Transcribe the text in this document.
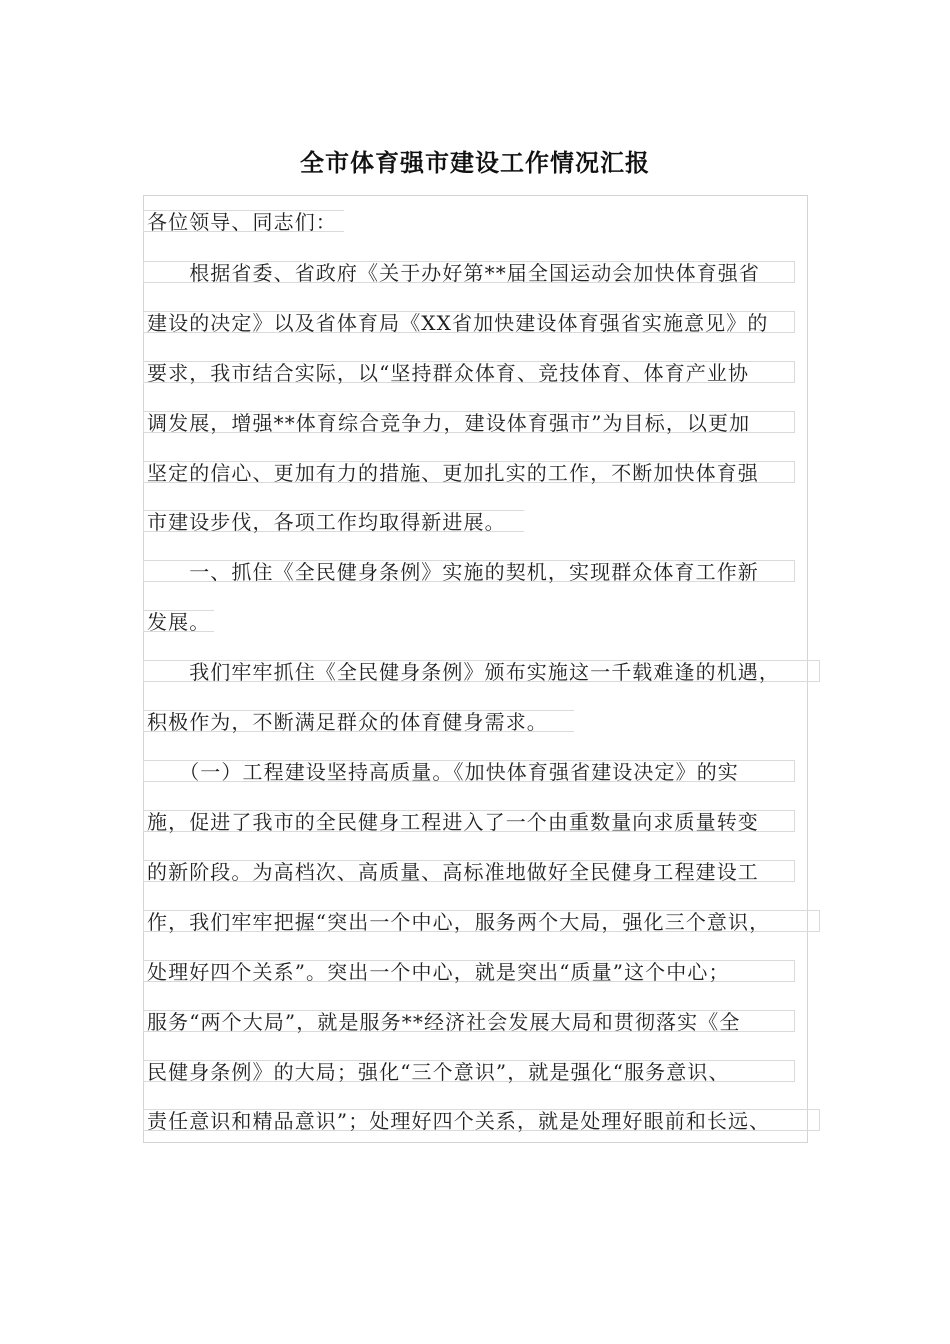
全市体育强市建设工作情况汇报
各位领导、同志们：
　　根据省委、省政府《关于办好第**届全国运动会加快体育强省
建设的决定》以及省体育局《XX省加快建设体育强省实施意见》的
要求，我市结合实际，以“坚持群众体育、竞技体育、体育产业协
调发展，增强**体育综合竞争力，建设体育强市”为目标，以更加
坚定的信心、更加有力的措施、更加扎实的工作，不断加快体育强
市建设步伐，各项工作均取得新进展。
　　一、抓住《全民健身条例》实施的契机，实现群众体育工作新
发展。
　　我们牢牢抓住《全民健身条例》颁布实施这一千载难逢的机遇，
积极作为，不断满足群众的体育健身需求。
　　（一）工程建设坚持高质量。《加快体育强省建设决定》的实
施，促进了我市的全民健身工程进入了一个由重数量向求质量转变
的新阶段。为高档次、高质量、高标准地做好全民健身工程建设工
作，我们牢牢把握“突出一个中心，服务两个大局，强化三个意识，
处理好四个关系”。突出一个中心，就是突出“质量”这个中心；
服务“两个大局”，就是服务**经济社会发展大局和贯彻落实《全
民健身条例》的大局；强化“三个意识”，就是强化“服务意识、
责任意识和精品意识”；处理好四个关系，就是处理好眼前和长远、
